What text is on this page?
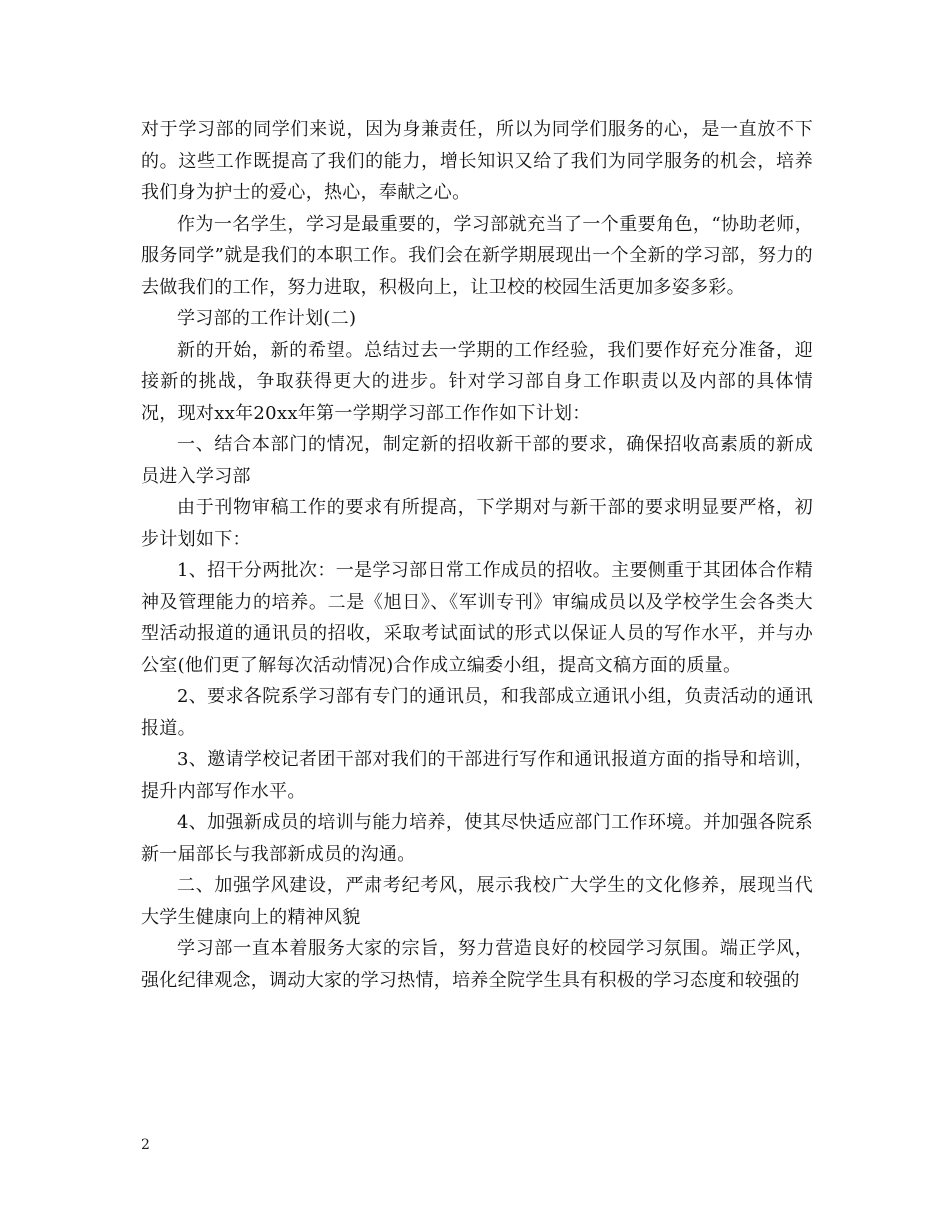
对于学习部的同学们来说，因为身兼责任，所以为同学们服务的心，是一直放不下的。这些工作既提高了我们的能力，增长知识又给了我们为同学服务的机会，培养我们身为护士的爱心，热心，奉献之心。

作为一名学生，学习是最重要的，学习部就充当了一个重要角色，“协助老师，服务同学”就是我们的本职工作。我们会在新学期展现出一个全新的学习部，努力的去做我们的工作，努力进取，积极向上，让卫校的校园生活更加多姿多彩。

学习部的工作计划(二)

新的开始，新的希望。总结过去一学期的工作经验，我们要作好充分准备，迎接新的挑战，争取获得更大的进步。针对学习部自身工作职责以及内部的具体情况，现对xx年20xx年第一学期学习部工作作如下计划：

一、结合本部门的情况，制定新的招收新干部的要求，确保招收高素质的新成员进入学习部

由于刊物审稿工作的要求有所提高，下学期对与新干部的要求明显要严格，初步计划如下：

1、招干分两批次：一是学习部日常工作成员的招收。主要侧重于其团体合作精神及管理能力的培养。二是《旭日》、《军训专刊》审编成员以及学校学生会各类大型活动报道的通讯员的招收，采取考试面试的形式以保证人员的写作水平，并与办公室(他们更了解每次活动情况)合作成立编委小组，提高文稿方面的质量。

2、要求各院系学习部有专门的通讯员，和我部成立通讯小组，负责活动的通讯报道。

3、邀请学校记者团干部对我们的干部进行写作和通讯报道方面的指导和培训，提升内部写作水平。

4、加强新成员的培训与能力培养，使其尽快适应部门工作环境。并加强各院系新一届部长与我部新成员的沟通。

二、加强学风建设，严肃考纪考风，展示我校广大学生的文化修养，展现当代大学生健康向上的精神风貌

学习部一直本着服务大家的宗旨，努力营造良好的校园学习氛围。端正学风，强化纪律观念，调动大家的学习热情，培养全院学生具有积极的学习态度和较强的

2
